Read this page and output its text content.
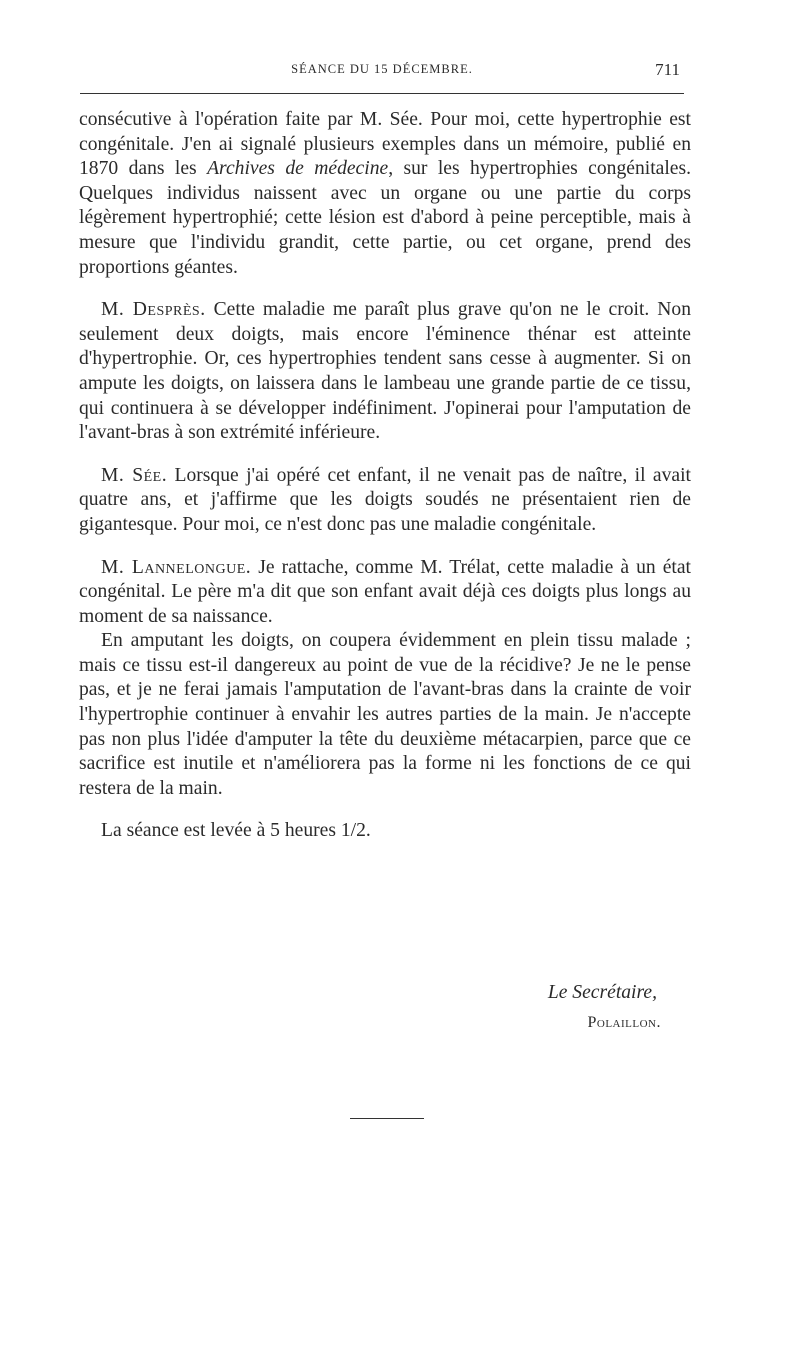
SÉANCE DU 15 DÉCEMBRE.	711

consécutive à l'opération faite par M. Sée. Pour moi, cette hypertrophie est congénitale. J'en ai signalé plusieurs exemples dans un mémoire, publié en 1870 dans les Archives de médecine, sur les hypertrophies congénitales. Quelques individus naissent avec un organe ou une partie du corps légèrement hypertrophié; cette lésion est d'abord à peine perceptible, mais à mesure que l'individu grandit, cette partie, ou cet organe, prend des proportions géantes.

M. Desprès. Cette maladie me paraît plus grave qu'on ne le croit. Non seulement deux doigts, mais encore l'éminence thénar est atteinte d'hypertrophie. Or, ces hypertrophies tendent sans cesse à augmenter. Si on ampute les doigts, on laissera dans le lambeau une grande partie de ce tissu, qui continuera à se développer indéfiniment. J'opinerai pour l'amputation de l'avant-bras à son extrémité inférieure.

M. Sée. Lorsque j'ai opéré cet enfant, il ne venait pas de naître, il avait quatre ans, et j'affirme que les doigts soudés ne présentaient rien de gigantesque. Pour moi, ce n'est donc pas une maladie congénitale.

M. Lannelongue. Je rattache, comme M. Trélat, cette maladie à un état congénital. Le père m'a dit que son enfant avait déjà ces doigts plus longs au moment de sa naissance.

En amputant les doigts, on coupera évidemment en plein tissu malade ; mais ce tissu est-il dangereux au point de vue de la récidive? Je ne le pense pas, et je ne ferai jamais l'amputation de l'avant-bras dans la crainte de voir l'hypertrophie continuer à envahir les autres parties de la main. Je n'accepte pas non plus l'idée d'amputer la tête du deuxième métacarpien, parce que ce sacrifice est inutile et n'améliorera pas la forme ni les fonctions de ce qui restera de la main.

La séance est levée à 5 heures 1/2.

Le Secrétaire,
Polaillon.
